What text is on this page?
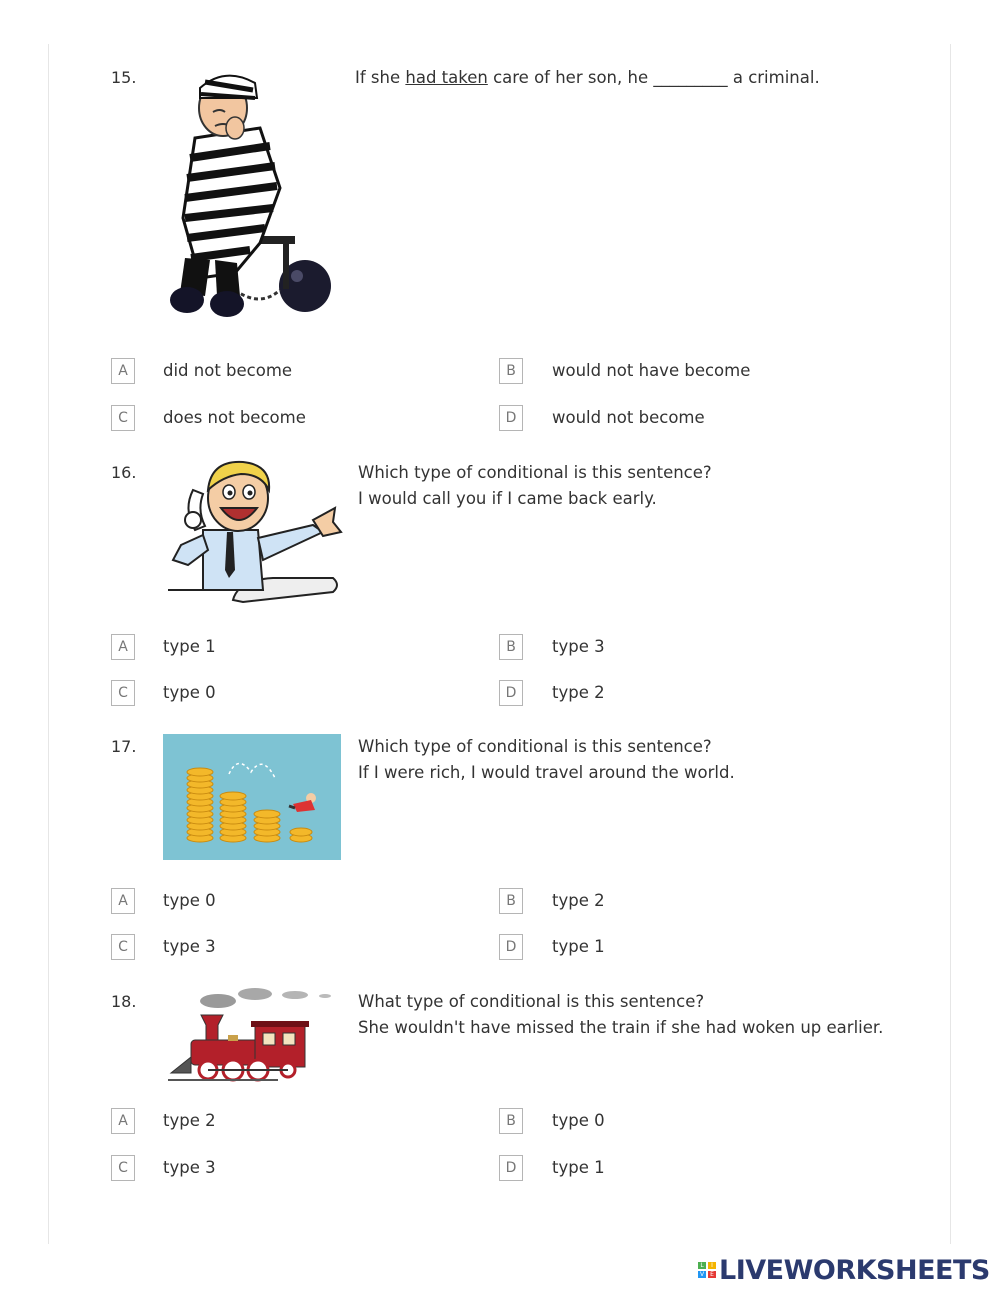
15.	If she had taken care of her son, he _________ a criminal.
A	did not become	B	would not have become
C	does not become	D	would not become
16.	Which type of conditional is this sentence?
I would call you if I came back early.
A	type 1	B	type 3
C	type 0	D	type 2
17.	Which type of conditional is this sentence?
If I were rich, I would travel around the world.
A	type 0	B	type 2
C	type 3	D	type 1
18.	What type of conditional is this sentence?
She wouldn't have missed the train if she had woken up earlier.
A	type 2	B	type 0
C	type 3	D	type 1
L	I
V	E LIVEWORKSHEETS
